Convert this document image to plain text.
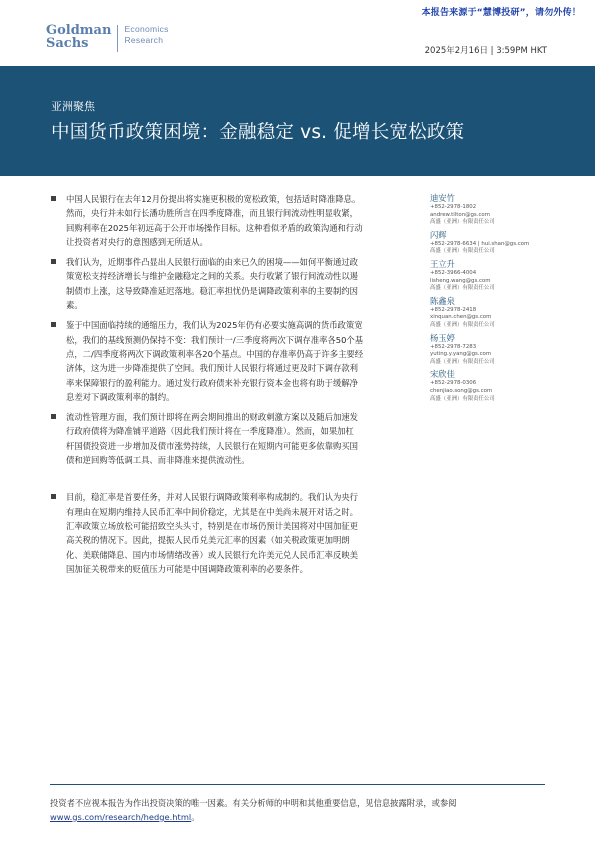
本报告来源于“慧博投研”，请勿外传！
Goldman
Sachs
Economics
Research
2025年2月16日 | 3:59PM HKT
亚洲聚焦
中国货币政策困境：金融稳定 vs. 促增长宽松政策
中国人民银行在去年12月份提出将实施更积极的宽松政策，包括适时降准降息。
然而，央行并未如行长潘功胜所言在四季度降准，而且银行间流动性明显收紧，
回购利率在2025年初远高于公开市场操作目标。这种看似矛盾的政策沟通和行动
让投资者对央行的意图感到无所适从。
我们认为，近期事件凸显出人民银行面临的由来已久的困境——如何平衡通过政
策宽松支持经济增长与维护金融稳定之间的关系。央行收紧了银行间流动性以遏
制债市上涨，这导致降准延迟落地。稳汇率担忧仍是调降政策利率的主要制约因
素。
鉴于中国面临持续的通缩压力，我们认为2025年仍有必要实施高调的货币政策宽
松，我们的基线预测仍保持不变：我们预计一/三季度将两次下调存准率各50个基
点，二/四季度将两次下调政策利率各20个基点。中国的存准率仍高于许多主要经
济体，这为进一步降准提供了空间。我们预计人民银行将通过更及时下调存款利
率来保障银行的盈利能力。通过发行政府债来补充银行资本金也将有助于缓解净
息差对下调政策利率的制约。
流动性管理方面，我们预计即将在两会期间推出的财政刺激方案以及随后加速发
行政府债将为降准铺平道路（因此我们预计将在一季度降准）。然而，如果加杠
杆国债投资进一步增加及债市涨势持续，人民银行在短期内可能更多依靠购买国
债和逆回购等低调工具、而非降准来提供流动性。
目前，稳汇率是首要任务，并对人民银行调降政策利率构成制约。我们认为央行
有理由在短期内维持人民币汇率中间价稳定，尤其是在中美尚未展开对话之时。
汇率政策立场放松可能招致空头头寸，特别是在市场仍预计美国将对中国加征更
高关税的情况下。因此，提振人民币兑美元汇率的因素（如关税政策更加明朗
化、美联储降息、国内市场情绪改善）或人民银行允许美元兑人民币汇率反映美
国加征关税带来的贬值压力可能是中国调降政策利率的必要条件。
迪安竹
+852-2978-1802
andrew.tilton@gs.com
高盛（亚洲）有限责任公司
闪辉
+852-2978-6634 | hui.shan@gs.com
高盛（亚洲）有限责任公司
王立升
+852-3966-4004
lisheng.wang@gs.com
高盛（亚洲）有限责任公司
陈鑫泉
+852-2978-2418
xinquan.chen@gs.com
高盛（亚洲）有限责任公司
杨玉婷
+852-2978-7283
yuting.y.yang@gs.com
高盛（亚洲）有限责任公司
宋欣佳
+852-2978-0306
chenjiao.song@gs.com
高盛（亚洲）有限责任公司
投资者不应视本报告为作出投资决策的唯一因素。有关分析师的申明和其他重要信息，见信息披露附录，或参阅
www.gs.com/research/hedge.html。
